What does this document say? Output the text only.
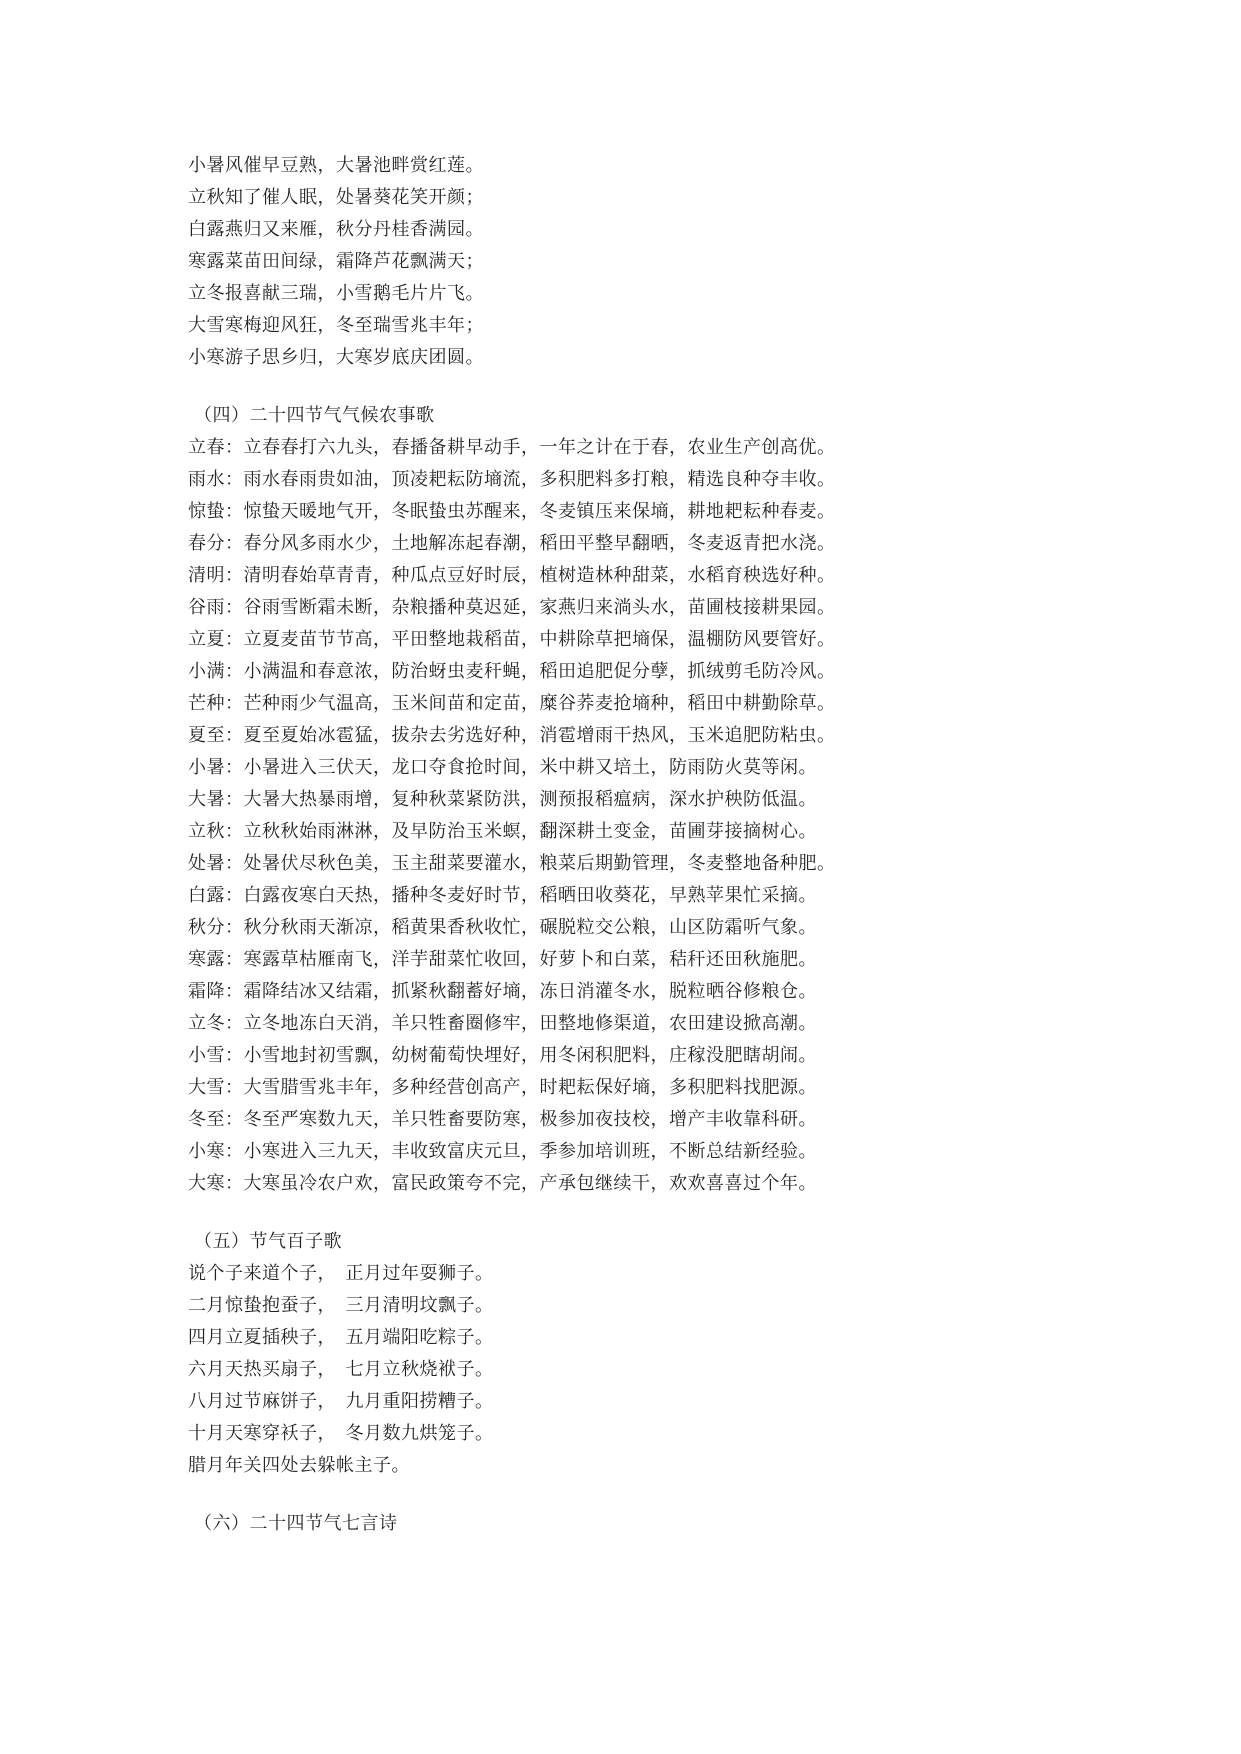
小暑风催早豆熟，大暑池畔赏红莲。
立秋知了催人眠，处暑葵花笑开颜；
白露燕归又来雁，秋分丹桂香满园。
寒露菜苗田间绿，霜降芦花飘满天；
立冬报喜献三瑞，小雪鹅毛片片飞。
大雪寒梅迎风狂，冬至瑞雪兆丰年；
小寒游子思乡归，大寒岁底庆团圆。
（四）二十四节气气候农事歌
立春：立春春打六九头，春播备耕早动手，一年之计在于春，农业生产创高优。
雨水：雨水春雨贵如油，顶凌耙耘防墒流，多积肥料多打粮，精选良种夺丰收。
惊蛰：惊蛰天暖地气开，冬眠蛰虫苏醒来，冬麦镇压来保墒，耕地耙耘种春麦。
春分：春分风多雨水少，土地解冻起春潮，稻田平整早翻晒，冬麦返青把水浇。
清明：清明春始草青青，种瓜点豆好时辰，植树造林种甜菜，水稻育秧选好种。
谷雨：谷雨雪断霜未断，杂粮播种莫迟延，家燕归来淌头水，苗圃枝接耕果园。
立夏：立夏麦苗节节高，平田整地栽稻苗，中耕除草把墒保，温棚防风要管好。
小满：小满温和春意浓，防治蚜虫麦秆蝇，稻田追肥促分孽，抓绒剪毛防冷风。
芒种：芒种雨少气温高，玉米间苗和定苗，糜谷荞麦抢墒种，稻田中耕勤除草。
夏至：夏至夏始冰雹猛，拔杂去劣选好种，消雹增雨干热风，玉米追肥防粘虫。
小暑：小暑进入三伏天，龙口夺食抢时间，米中耕又培土，防雨防火莫等闲。
大暑：大暑大热暴雨增，复种秋菜紧防洪，测预报稻瘟病，深水护秧防低温。
立秋：立秋秋始雨淋淋，及早防治玉米螟，翻深耕土变金，苗圃芽接摘树心。
处暑：处暑伏尽秋色美，玉主甜菜要灌水，粮菜后期勤管理，冬麦整地备种肥。
白露：白露夜寒白天热，播种冬麦好时节，稻晒田收葵花，早熟苹果忙采摘。
秋分：秋分秋雨天渐凉，稻黄果香秋收忙，碾脱粒交公粮，山区防霜听气象。
寒露：寒露草枯雁南飞，洋芋甜菜忙收回，好萝卜和白菜，秸秆还田秋施肥。
霜降：霜降结冰又结霜，抓紧秋翻蓄好墒，冻日消灌冬水，脱粒晒谷修粮仓。
立冬：立冬地冻白天消，羊只牲畜圈修牢，田整地修渠道，农田建设掀高潮。
小雪：小雪地封初雪飘，幼树葡萄快埋好，用冬闲积肥料，庄稼没肥瞎胡闹。
大雪：大雪腊雪兆丰年，多种经营创高产，时耙耘保好墒，多积肥料找肥源。
冬至：冬至严寒数九天，羊只牲畜要防寒，极参加夜技校，增产丰收靠科研。
小寒：小寒进入三九天，丰收致富庆元旦，季参加培训班，不断总结新经验。
大寒：大寒虽冷农户欢，富民政策夸不完，产承包继续干，欢欢喜喜过个年。
（五）节气百子歌
说个子来道个子，　正月过年耍狮子。
二月惊蛰抱蚕子，　三月清明坟飘子。
四月立夏插秧子，　五月端阳吃粽子。
六月天热买扇子，　七月立秋烧袱子。
八月过节麻饼子，　九月重阳捞糟子。
十月天寒穿袄子，　冬月数九烘笼子。
腊月年关四处去躲帐主子。
（六）二十四节气七言诗
